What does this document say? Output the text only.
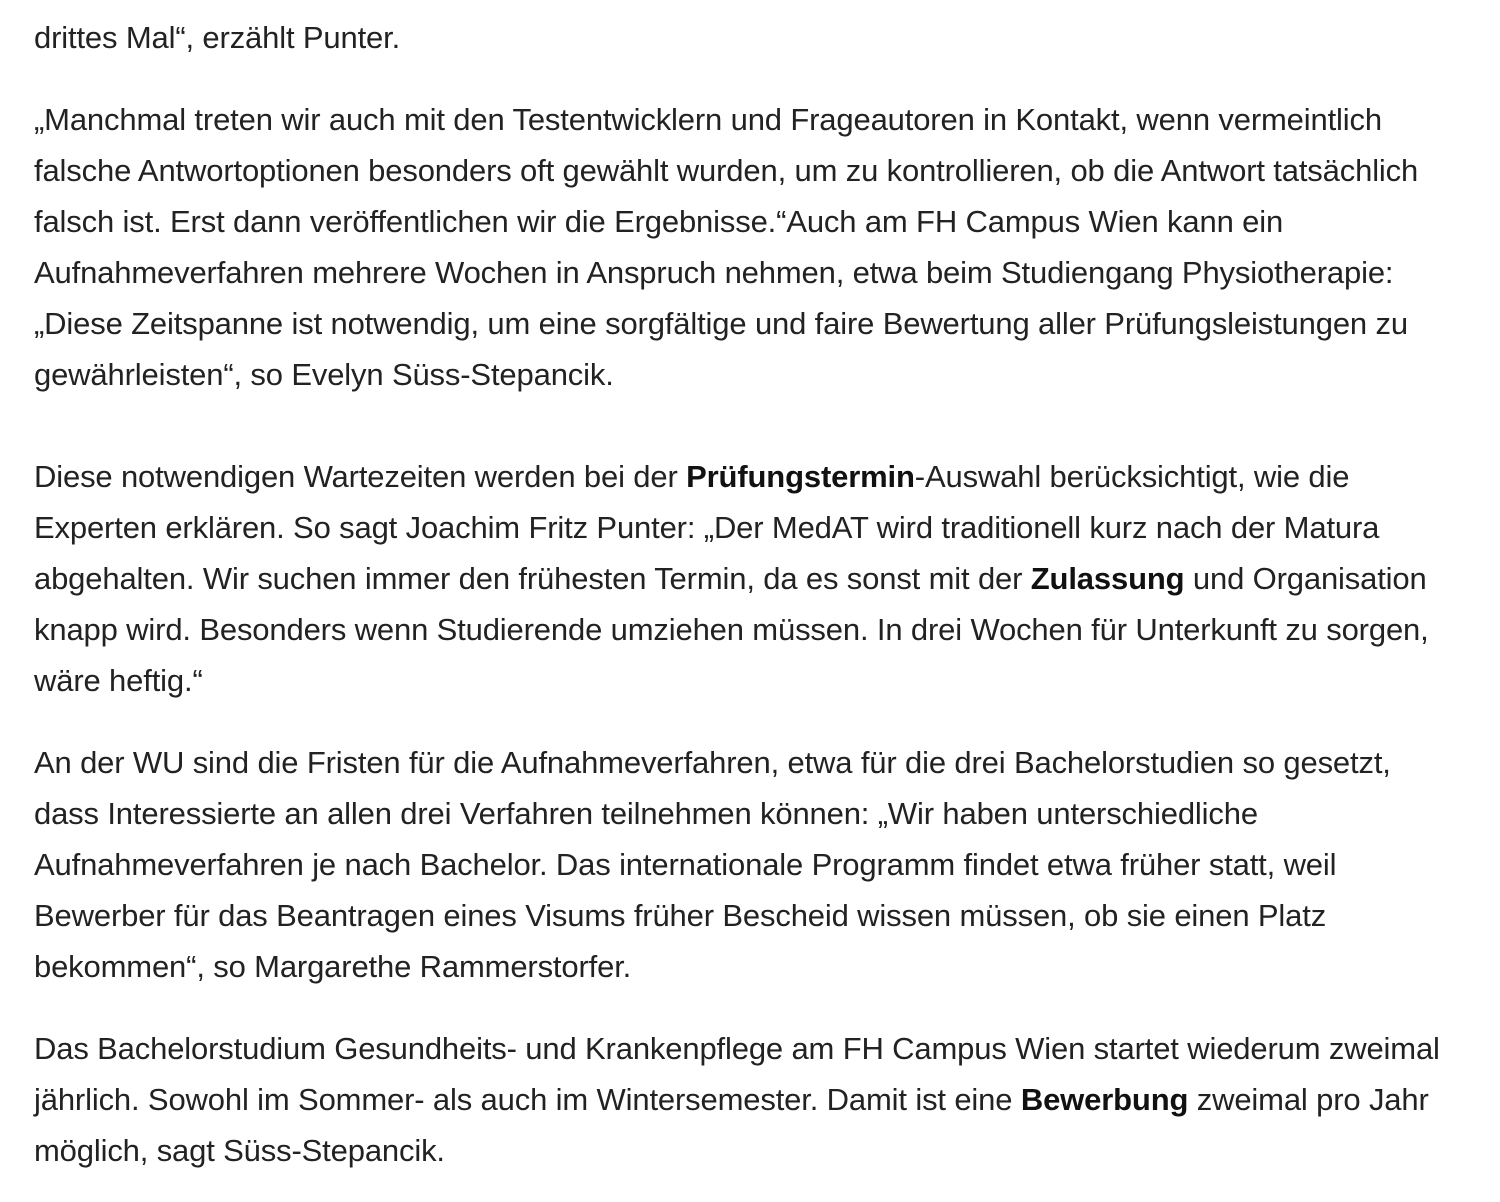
drittes Mal“, erzählt Punter.

„Manchmal treten wir auch mit den Testentwicklern und Frageautoren in Kontakt, wenn vermeintlich falsche Antwortoptionen besonders oft gewählt wurden, um zu kontrollieren, ob die Antwort tatsächlich falsch ist. Erst dann veröffentlichen wir die Ergebnisse.“Auch am FH Campus Wien kann ein Aufnahmeverfahren mehrere Wochen in Anspruch nehmen, etwa beim Studiengang Physiotherapie: „Diese Zeitspanne ist notwendig, um eine sorgfältige und faire Bewertung aller Prüfungsleistungen zu gewährleisten“, so Evelyn Süss-Stepancik.

Diese notwendigen Wartezeiten werden bei der Prüfungstermin-Auswahl berücksichtigt, wie die Experten erklären. So sagt Joachim Fritz Punter: „Der MedAT wird traditionell kurz nach der Matura abgehalten. Wir suchen immer den frühesten Termin, da es sonst mit der Zulassung und Organisation knapp wird. Besonders wenn Studierende umziehen müssen. In drei Wochen für Unterkunft zu sorgen, wäre heftig.“

An der WU sind die Fristen für die Aufnahmeverfahren, etwa für die drei Bachelorstudien so gesetzt, dass Interessierte an allen drei Verfahren teilnehmen können: „Wir haben unterschiedliche Aufnahmeverfahren je nach Bachelor. Das internationale Programm findet etwa früher statt, weil Bewerber für das Beantragen eines Visums früher Bescheid wissen müssen, ob sie einen Platz bekommen“, so Margarethe Rammerstorfer.

Das Bachelorstudium Gesundheits- und Krankenpflege am FH Campus Wien startet wiederum zweimal jährlich. Sowohl im Sommer- als auch im Wintersemester. Damit ist eine Bewerbung zweimal pro Jahr möglich, sagt Süss-Stepancik.
